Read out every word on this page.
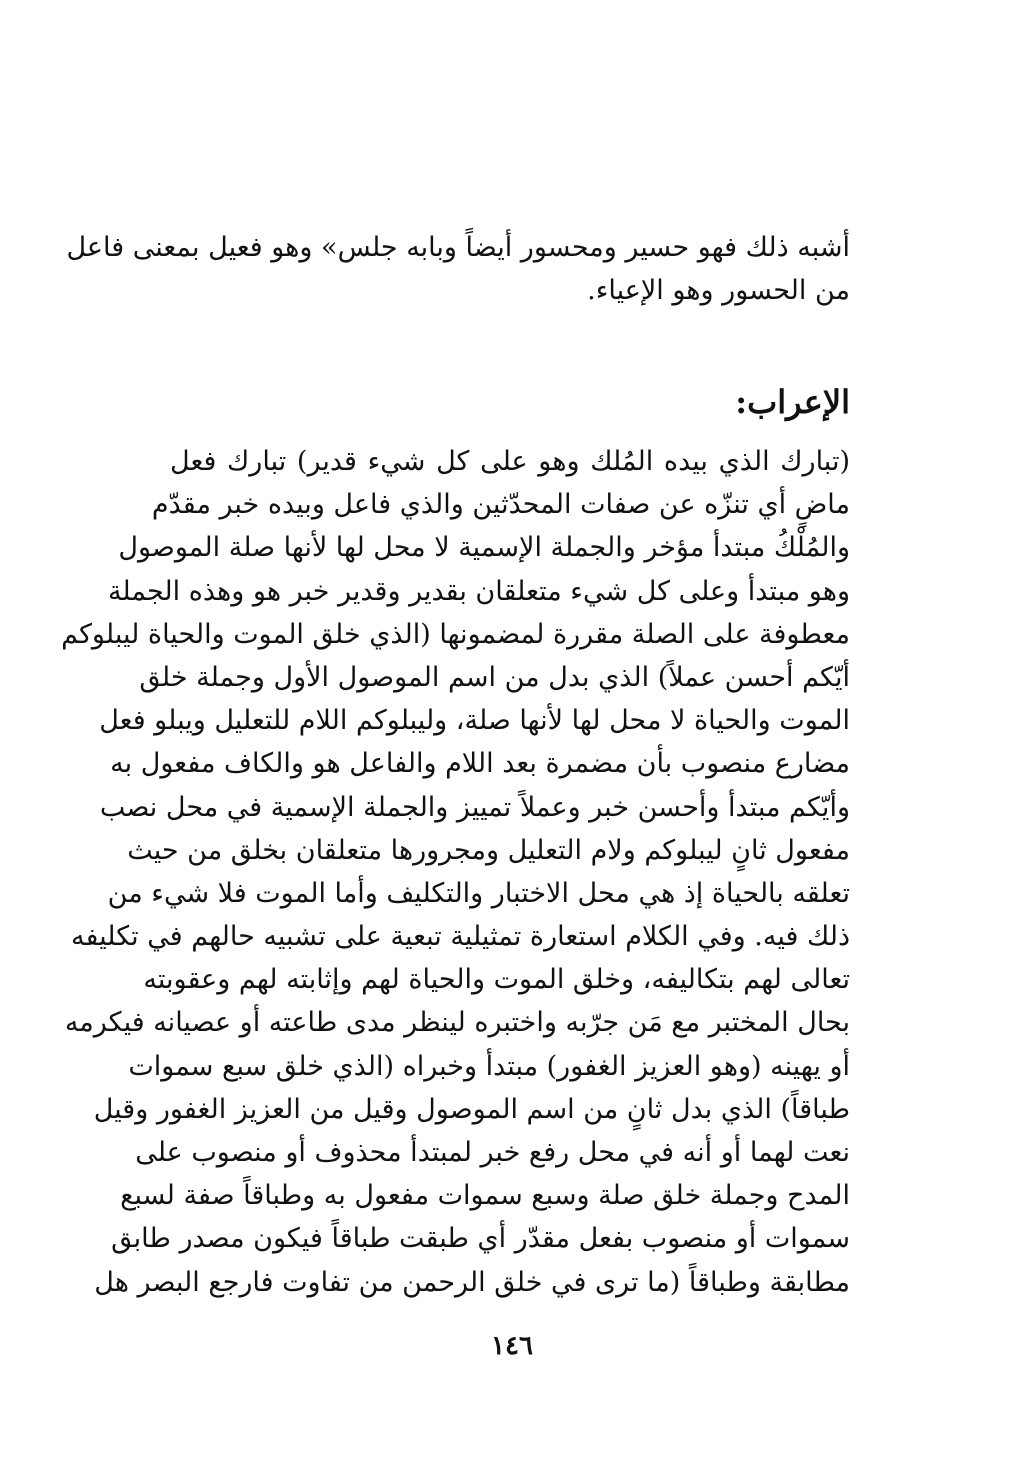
أشبه ذلك فهو حسير ومحسور أيضاً وبابه جلس» وهو فعيل بمعنى فاعل
من الحسور وهو الإعياء.
الإعراب:
(تبارك الذي بيده المُلك وهو على كل شيء قدير) تبارك فعل
ماضٍ أي تنزّه عن صفات المحدّثين والذي فاعل وبيده خبر مقدّم
والمُلْكُ مبتدأ مؤخر والجملة الإسمية لا محل لها لأنها صلة الموصول
وهو مبتدأ وعلى كل شيء متعلقان بقدير وقدير خبر هو وهذه الجملة
معطوفة على الصلة مقررة لمضمونها (الذي خلق الموت والحياة ليبلوكم
أيّكم أحسن عملاً) الذي بدل من اسم الموصول الأول وجملة خلق
الموت والحياة لا محل لها لأنها صلة، وليبلوكم اللام للتعليل ويبلو فعل
مضارع منصوب بأن مضمرة بعد اللام والفاعل هو والكاف مفعول به
وأيّكم مبتدأ وأحسن خبر وعملاً تمييز والجملة الإسمية في محل نصب
مفعول ثانٍ ليبلوكم ولام التعليل ومجرورها متعلقان بخلق من حيث
تعلقه بالحياة إذ هي محل الاختبار والتكليف وأما الموت فلا شيء من
ذلك فيه. وفي الكلام استعارة تمثيلية تبعية على تشبيه حالهم في تكليفه
تعالى لهم بتكاليفه، وخلق الموت والحياة لهم وإثابته لهم وعقوبته
بحال المختبر مع مَن جرّبه واختبره لينظر مدى طاعته أو عصيانه فيكرمه
أو يهينه (وهو العزيز الغفور) مبتدأ وخبراه (الذي خلق سبع سموات
طباقاً) الذي بدل ثانٍ من اسم الموصول وقيل من العزيز الغفور وقيل
نعت لهما أو أنه في محل رفع خبر لمبتدأ محذوف أو منصوب على
المدح وجملة خلق صلة وسبع سموات مفعول به وطباقاً صفة لسبع
سموات أو منصوب بفعل مقدّر أي طبقت طباقاً فيكون مصدر طابق
مطابقة وطباقاً (ما ترى في خلق الرحمن من تفاوت فارجع البصر هل
١٤٦
